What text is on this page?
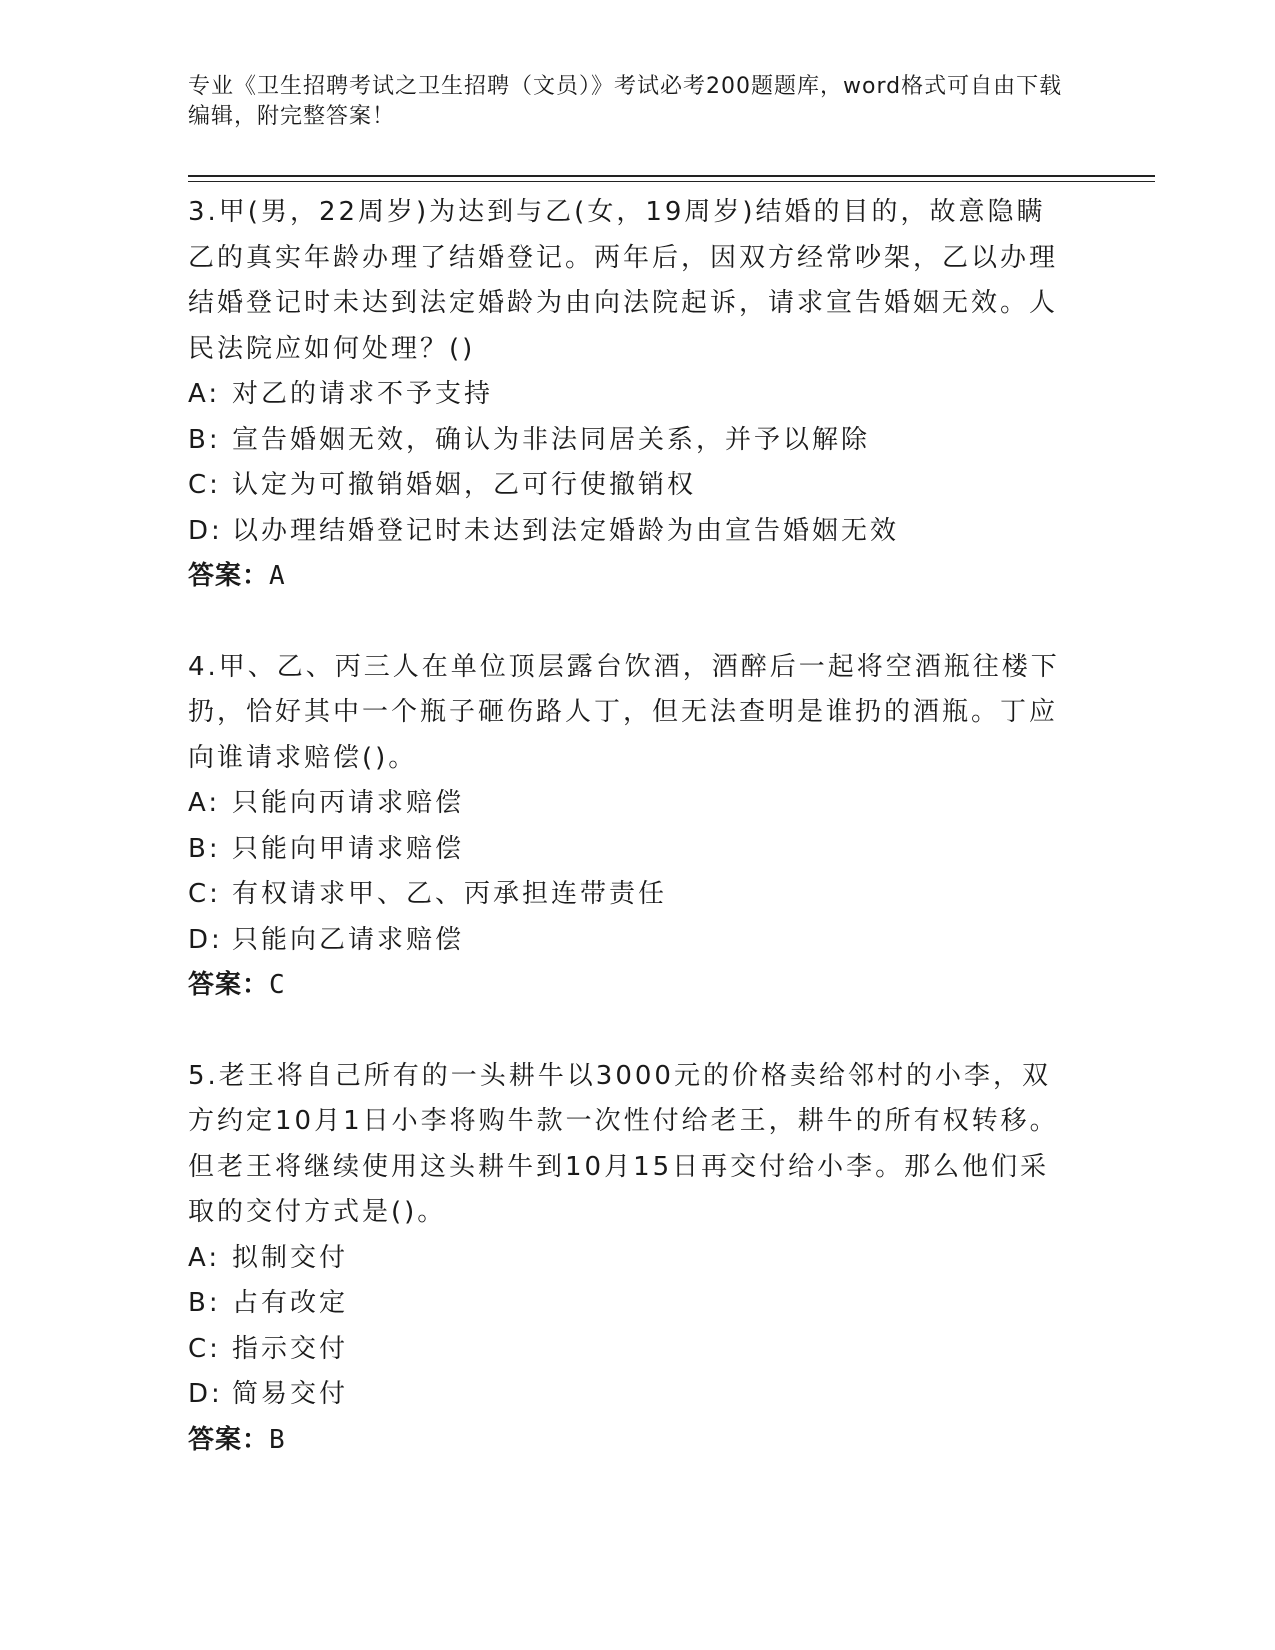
专业《卫生招聘考试之卫生招聘（文员）》考试必考200题题库，word格式可自由下载编辑，附完整答案！
3.甲(男，22周岁)为达到与乙(女，19周岁)结婚的目的，故意隐瞒乙的真实年龄办理了结婚登记。两年后，因双方经常吵架，乙以办理结婚登记时未达到法定婚龄为由向法院起诉，请求宣告婚姻无效。人民法院应如何处理？()
A: 对乙的请求不予支持
B: 宣告婚姻无效，确认为非法同居关系，并予以解除
C: 认定为可撤销婚姻，乙可行使撤销权
D: 以办理结婚登记时未达到法定婚龄为由宣告婚姻无效
答案：A
4.甲、乙、丙三人在单位顶层露台饮酒，酒醉后一起将空酒瓶往楼下扔，恰好其中一个瓶子砸伤路人丁，但无法查明是谁扔的酒瓶。丁应向谁请求赔偿()。
A: 只能向丙请求赔偿
B: 只能向甲请求赔偿
C: 有权请求甲、乙、丙承担连带责任
D: 只能向乙请求赔偿
答案：C
5.老王将自己所有的一头耕牛以3000元的价格卖给邻村的小李，双方约定10月1日小李将购牛款一次性付给老王，耕牛的所有权转移。但老王将继续使用这头耕牛到10月15日再交付给小李。那么他们采取的交付方式是()。
A: 拟制交付
B: 占有改定
C: 指示交付
D: 简易交付
答案：B
